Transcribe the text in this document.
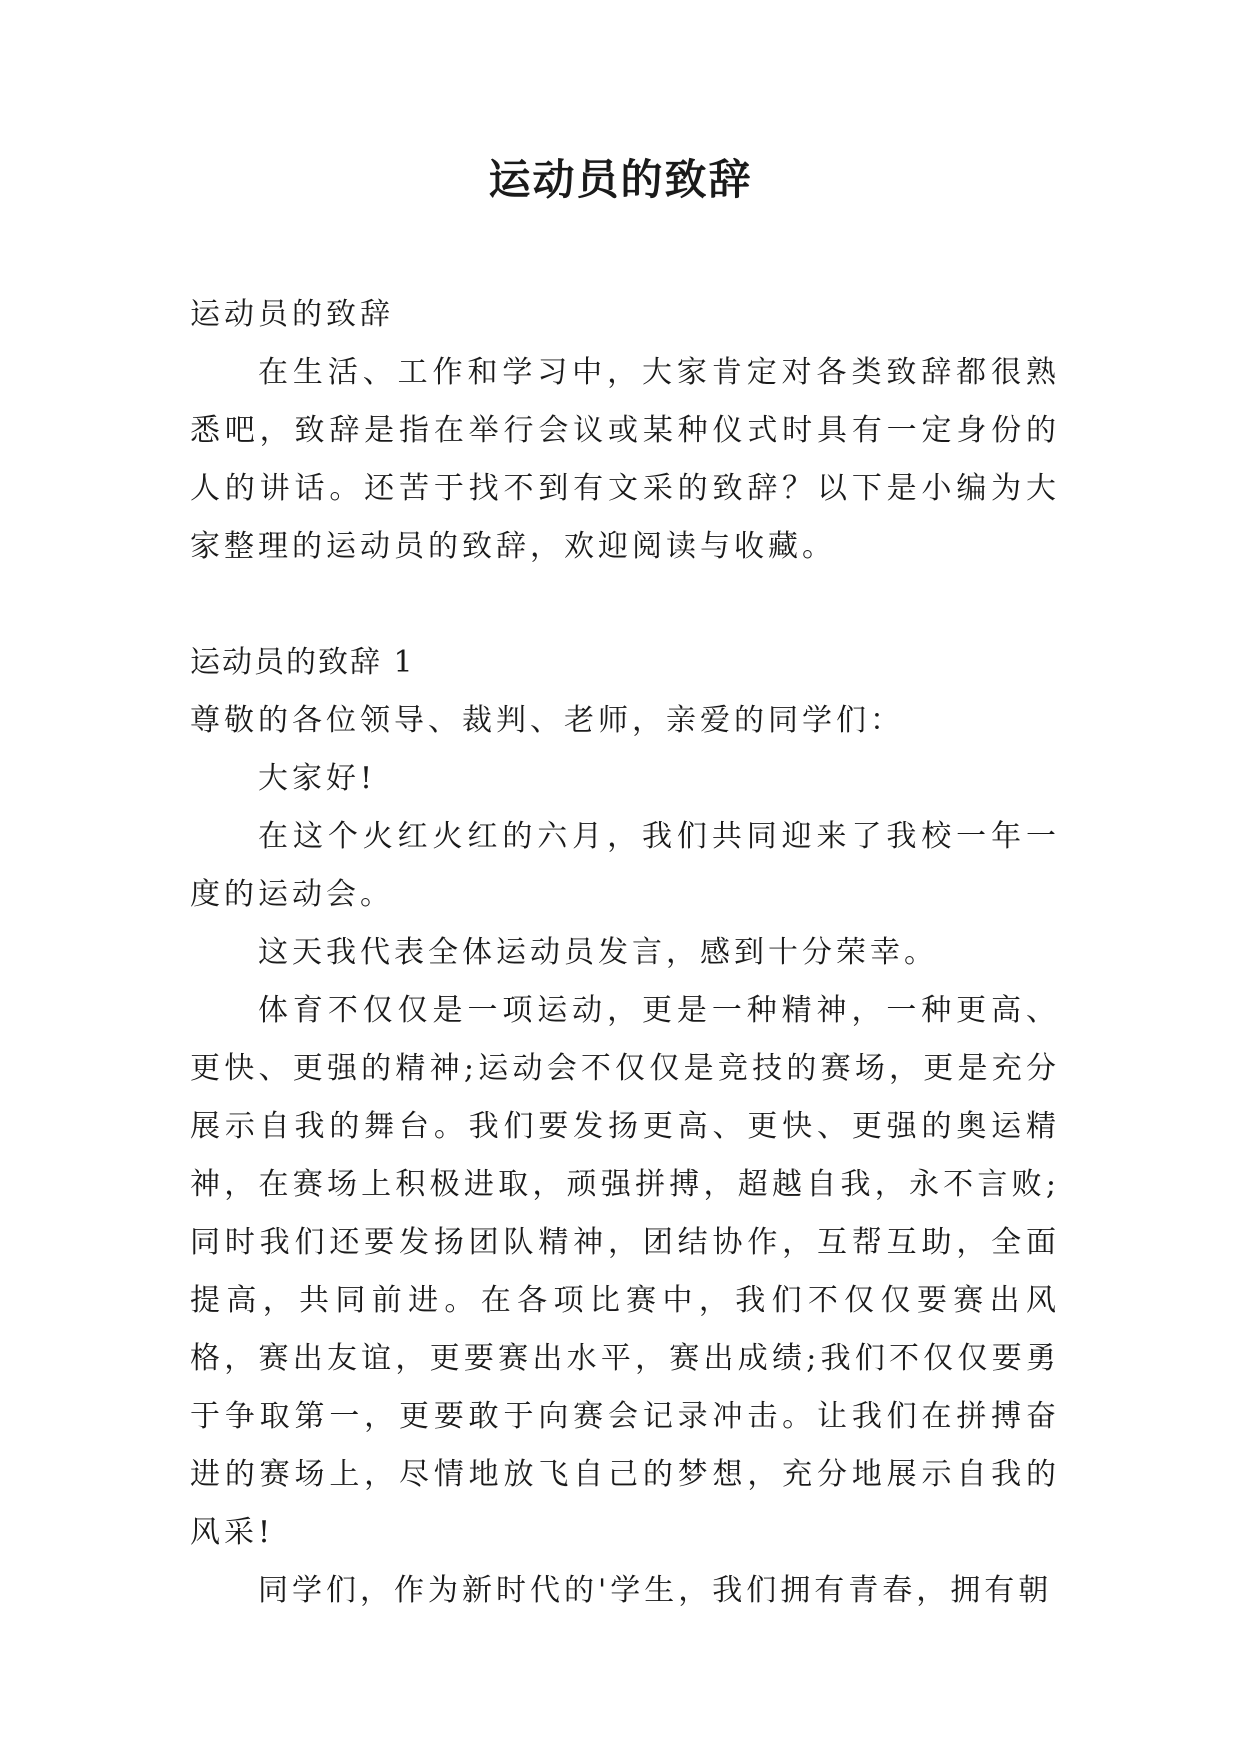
运动员的致辞

运动员的致辞

在生活、工作和学习中，大家肯定对各类致辞都很熟悉吧，致辞是指在举行会议或某种仪式时具有一定身份的人的讲话。还苦于找不到有文采的致辞？以下是小编为大家整理的运动员的致辞，欢迎阅读与收藏。

运动员的致辞 1

尊敬的各位领导、裁判、老师，亲爱的同学们：

大家好!

在这个火红火红的六月，我们共同迎来了我校一年一度的运动会。

这天我代表全体运动员发言，感到十分荣幸。

体育不仅仅是一项运动，更是一种精神，一种更高、更快、更强的精神;运动会不仅仅是竞技的赛场，更是充分展示自我的舞台。我们要发扬更高、更快、更强的奥运精神，在赛场上积极进取，顽强拼搏，超越自我，永不言败;同时我们还要发扬团队精神，团结协作，互帮互助，全面提高，共同前进。在各项比赛中，我们不仅仅要赛出风格，赛出友谊，更要赛出水平，赛出成绩;我们不仅仅要勇于争取第一，更要敢于向赛会记录冲击。让我们在拼搏奋进的赛场上，尽情地放飞自己的梦想，充分地展示自我的风采!

同学们，作为新时代的'学生，我们拥有青春，拥有朝
